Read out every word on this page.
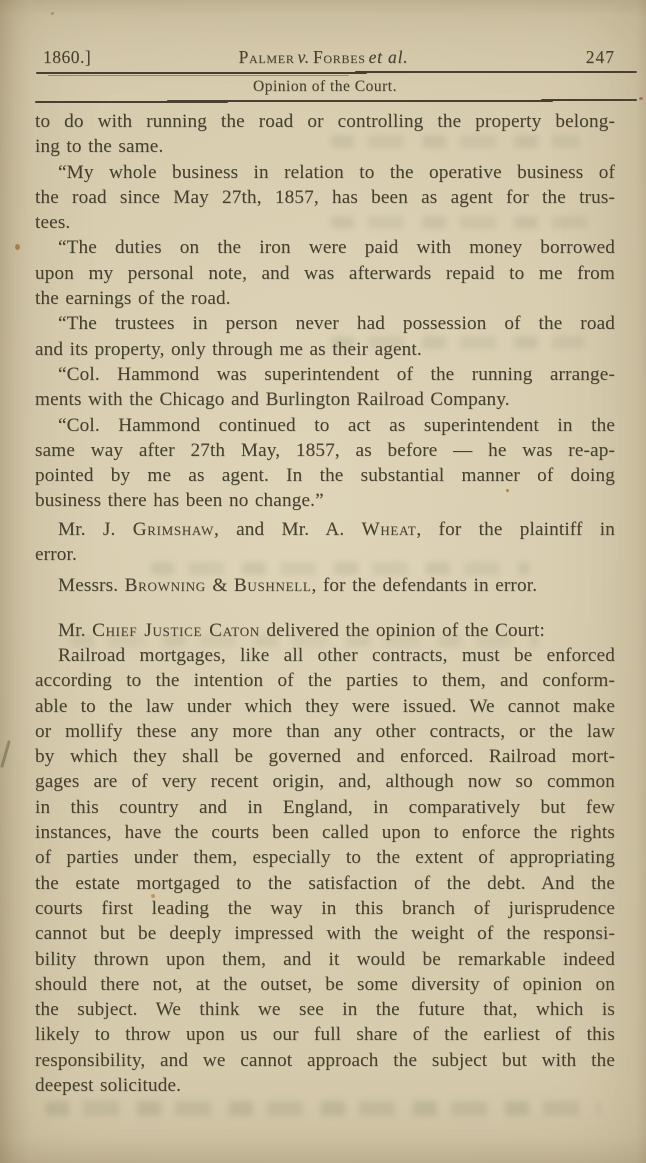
1860.]	Palmer v. Forbes et al.	247
Opinion of the Court.
to do with running the road or controlling the property belong-
ing to the same.
“My whole business in relation to the operative business of
the road since May 27th, 1857, has been as agent for the trus-
tees.
“The duties on the iron were paid with money borrowed
upon my personal note, and was afterwards repaid to me from
the earnings of the road.
“The trustees in person never had possession of the road
and its property, only through me as their agent.
“Col. Hammond was superintendent of the running arrange-
ments with the Chicago and Burlington Railroad Company.
“Col. Hammond continued to act as superintendent in the
same way after 27th May, 1857, as before — he was re-ap-
pointed by me as agent. In the substantial manner of doing
business there has been no change.”
Mr. J. Grimshaw, and Mr. A. Wheat, for the plaintiff in
error.
Messrs. Browning & Bushnell, for the defendants in error.
Mr. Chief Justice Caton delivered the opinion of the Court:
Railroad mortgages, like all other contracts, must be enforced
according to the intention of the parties to them, and conform-
able to the law under which they were issued. We cannot make
or mollify these any more than any other contracts, or the law
by which they shall be governed and enforced. Railroad mort-
gages are of very recent origin, and, although now so common
in this country and in England, in comparatively but few
instances, have the courts been called upon to enforce the rights
of parties under them, especially to the extent of appropriating
the estate mortgaged to the satisfaction of the debt. And the
courts first leading the way in this branch of jurisprudence
cannot but be deeply impressed with the weight of the responsi-
bility thrown upon them, and it would be remarkable indeed
should there not, at the outset, be some diversity of opinion on
the subject. We think we see in the future that, which is
likely to throw upon us our full share of the earliest of this
responsibility, and we cannot approach the subject but with the
deepest solicitude.
